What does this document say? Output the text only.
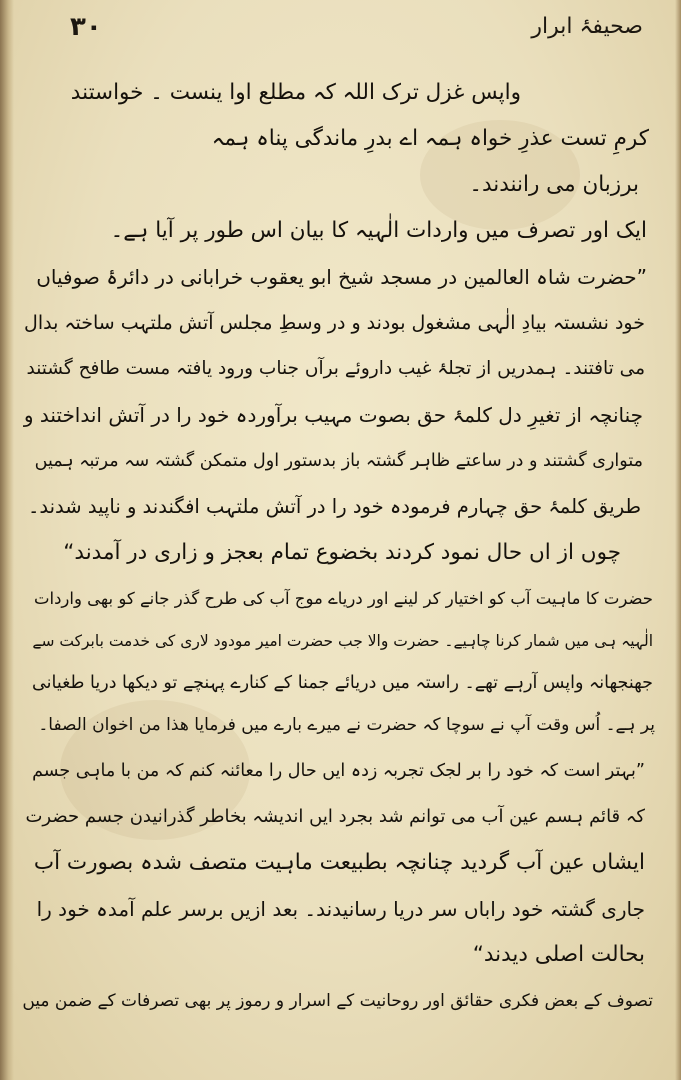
۳۰	صحیفۂ ابرار
واپس غزل ترک اللہ کہ مطلع اوا ینست ۔ خواستند
کرمِ تست عذرِ خواہ ہمہ اے بدرِ ماندگی پناہ ہمہ
برزبان می رانندند۔
ایک اور تصرف میں واردات الٰہیہ کا بیان اس طور پر آیا ہے۔
”حضرت شاہ العالمین در مسجد شیخ ابو یعقوب خرابانی در دائرۂ صوفیاں
خود نشستہ بیادِ الٰہی مشغول بودند و در وسطِ مجلس آتش ملتہب ساختہ بدال
می تافتند۔ ہمدریں از تجلۂ غیب داروئے برآں جناب ورود یافتہ مست طافح گشتند
چنانچہ از تغیرِ دل کلمۂ حق بصوت مہیب برآوردہ خود را در آتش انداختند و
متواری گشتند و در ساعتے ظاہر گشتہ باز بدستور اول متمکن گشتہ سہ مرتبہ ہمیں
طریق کلمۂ حق چہارم فرمودہ خود را در آتش ملتہب افگندند و ناپید شدند۔
چوں از اں حال نمود کردند بخضوع تمام بعجز و زاری در آمدند“
حضرت کا ماہیت آب کو اختیار کر لینے اور دریاے موج آب کی طرح گذر جانے کو بھی واردات
الٰہیہ ہی میں شمار کرنا چاہیے۔ حضرت والا جب حضرت امیر مودود لاری کی خدمت بابرکت سے
جھنجھانہ واپس آرہے تھے۔ راستہ میں دریائے جمنا کے کنارے پہنچے تو دیکھا دریا طغیانی
پر ہے۔ اُس وقت آپ نے سوچا کہ حضرت نے میرے بارے میں فرمایا ھذا من اخوان الصفا۔
”بہتر است کہ خود را بر لجک تجربہ زدہ ایں حال را معائنہ کنم کہ من با ماہی جسم
کہ قائم ہسم عین آب می توانم شد بجرد ایں اندیشہ بخاطر گذرانیدن جسم حضرت
ایشاں عین آب گردید چنانچہ بطبیعت ماہیت متصف شدہ بصورت آب
جاری گشتہ خود راباں سر دریا رسانیدند۔ بعد ازیں برسر علم آمدہ خود را
بحالت اصلی دیدند“
تصوف کے بعض فکری حقائق اور روحانیت کے اسرار و رموز پر بھی تصرفات کے ضمن میں
